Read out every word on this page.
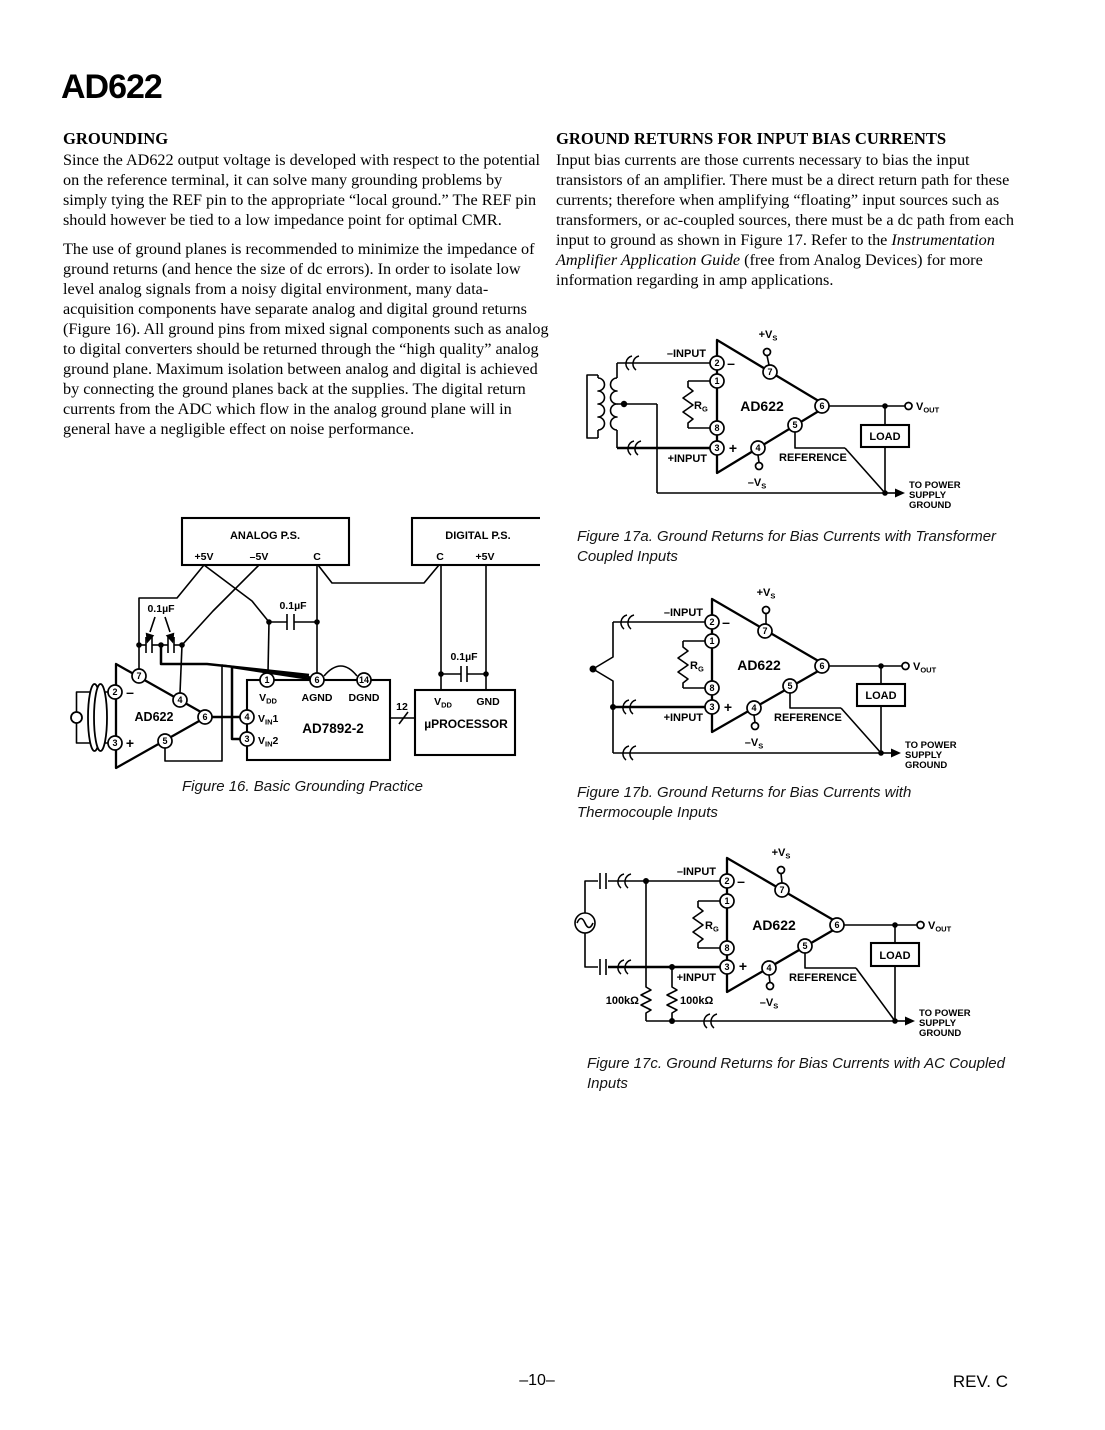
AD622
GROUNDING

Since the AD622 output voltage is developed with respect to the potential on the reference terminal, it can solve many grounding problems by simply tying the REF pin to the appropriate “local ground.” The REF pin should however be tied to a low impedance point for optimal CMR.

The use of ground planes is recommended to minimize the impedance of ground returns (and hence the size of dc errors). In order to isolate low level analog signals from a noisy digital environment, many data-acquisition components have separate analog and digital ground returns (Figure 16). All ground pins from mixed signal components such as analog to digital converters should be returned through the “high quality” analog ground plane. Maximum isolation between analog and digital is achieved by connecting the ground planes back at the supplies. The digital return currents from the ADC which flow in the analog ground plane will in general have a negligible effect on noise performance.

GROUND RETURNS FOR INPUT BIAS CURRENTS

Input bias currents are those currents necessary to bias the input transistors of an amplifier. There must be a direct return path for these currents; therefore when amplifying “floating” input sources such as transformers, or ac-coupled sources, there must be a dc path from each input to ground as shown in Figure 17. Refer to the Instrumentation Amplifier Application Guide (free from Analog Devices) for more information regarding in amp applications.

ANALOG P.S.
+5V	–5V	C
DIGITAL P.S.
C	+5V
0.1µF	0.1µF
0.1µF
AD622
–
+
7
2
4
6
3	5
AD7892-2
1	6	14
4
3
$V_{DD}$ AGND DGND
$V_{IN}1$
$V_{IN}2$
12
µPROCESSOR
$V_{DD}$ GND
Figure 16. Basic Grounding Practice
–INPUT
+INPUT
AD622
–
+
$R_G$
2
1
8
3
7
6
5
4
$+V_S$
$-V_S$
$V_{OUT}$
LOAD
REFERENCE
TO POWER
SUPPLY
GROUND
Figure 17a. Ground Returns for Bias Currents with Transformer Coupled Inputs
–INPUT
+INPUT
AD622
–
+
$R_G$
2
1
8
3
7
6
5
4
$+V_S$
$-V_S$
$V_{OUT}$
LOAD
REFERENCE
TO POWER
SUPPLY
GROUND
Figure 17b. Ground Returns for Bias Currents with Thermocouple Inputs
100kΩ	100kΩ
–INPUT
+INPUT
AD622
–
+
$R_G$
2
1
8
3
7
6
5
4
$+V_S$
$-V_S$
$V_{OUT}$
LOAD
REFERENCE
TO POWER
SUPPLY
GROUND
Figure 17c. Ground Returns for Bias Currents with AC Coupled Inputs
–10–	REV. C
